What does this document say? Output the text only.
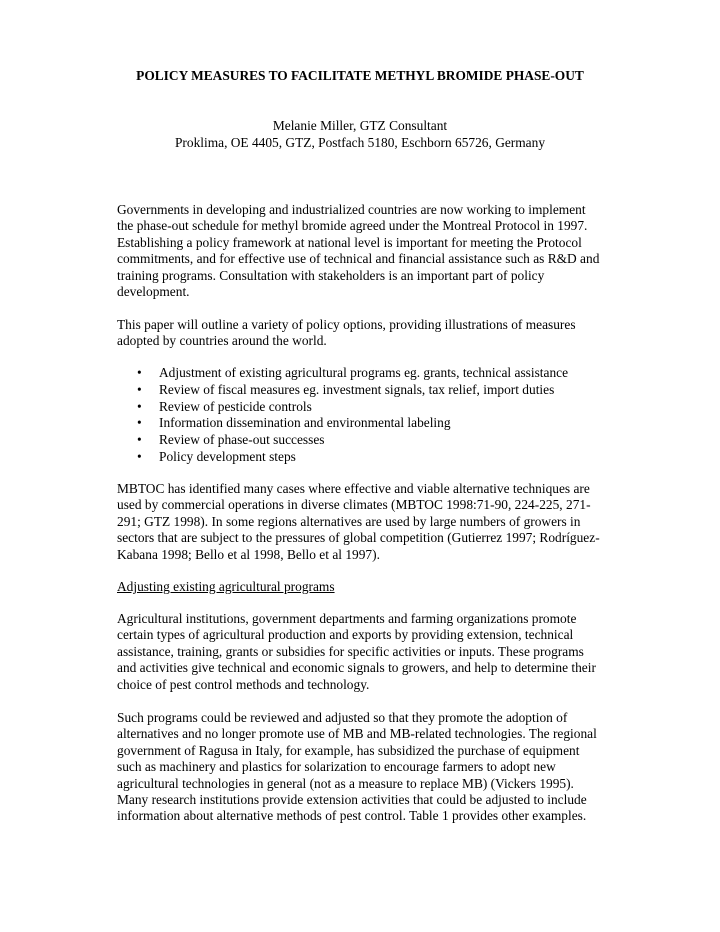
POLICY MEASURES TO FACILITATE METHYL BROMIDE PHASE-OUT
Melanie Miller, GTZ Consultant
Proklima, OE 4405, GTZ, Postfach 5180, Eschborn 65726, Germany

Governments in developing and industrialized countries are now working to implement
the phase-out schedule for methyl bromide agreed under the Montreal Protocol in 1997.
Establishing a policy framework at national level is important for meeting the Protocol
commitments, and for effective use of technical and financial assistance such as R&D and
training programs. Consultation with stakeholders is an important part of policy
development.

This paper will outline a variety of policy options, providing illustrations of measures
adopted by countries around the world.

• Adjustment of existing agricultural programs eg. grants, technical assistance
• Review of fiscal measures eg. investment signals, tax relief, import duties
• Review of pesticide controls
• Information dissemination and environmental labeling
• Review of phase-out successes
• Policy development steps

MBTOC has identified many cases where effective and viable alternative techniques are
used by commercial operations in diverse climates (MBTOC 1998:71-90, 224-225, 271-
291; GTZ 1998). In some regions alternatives are used by large numbers of growers in
sectors that are subject to the pressures of global competition (Gutierrez 1997; Rodríguez-
Kabana 1998; Bello et al 1998, Bello et al 1997).

Adjusting existing agricultural programs

Agricultural institutions, government departments and farming organizations promote
certain types of agricultural production and exports by providing extension, technical
assistance, training, grants or subsidies for specific activities or inputs. These programs
and activities give technical and economic signals to growers, and help to determine their
choice of pest control methods and technology.

Such programs could be reviewed and adjusted so that they promote the adoption of
alternatives and no longer promote use of MB and MB-related technologies. The regional
government of Ragusa in Italy, for example, has subsidized the purchase of equipment
such as machinery and plastics for solarization to encourage farmers to adopt new
agricultural technologies in general (not as a measure to replace MB) (Vickers 1995).
Many research institutions provide extension activities that could be adjusted to include
information about alternative methods of pest control. Table 1 provides other examples.
